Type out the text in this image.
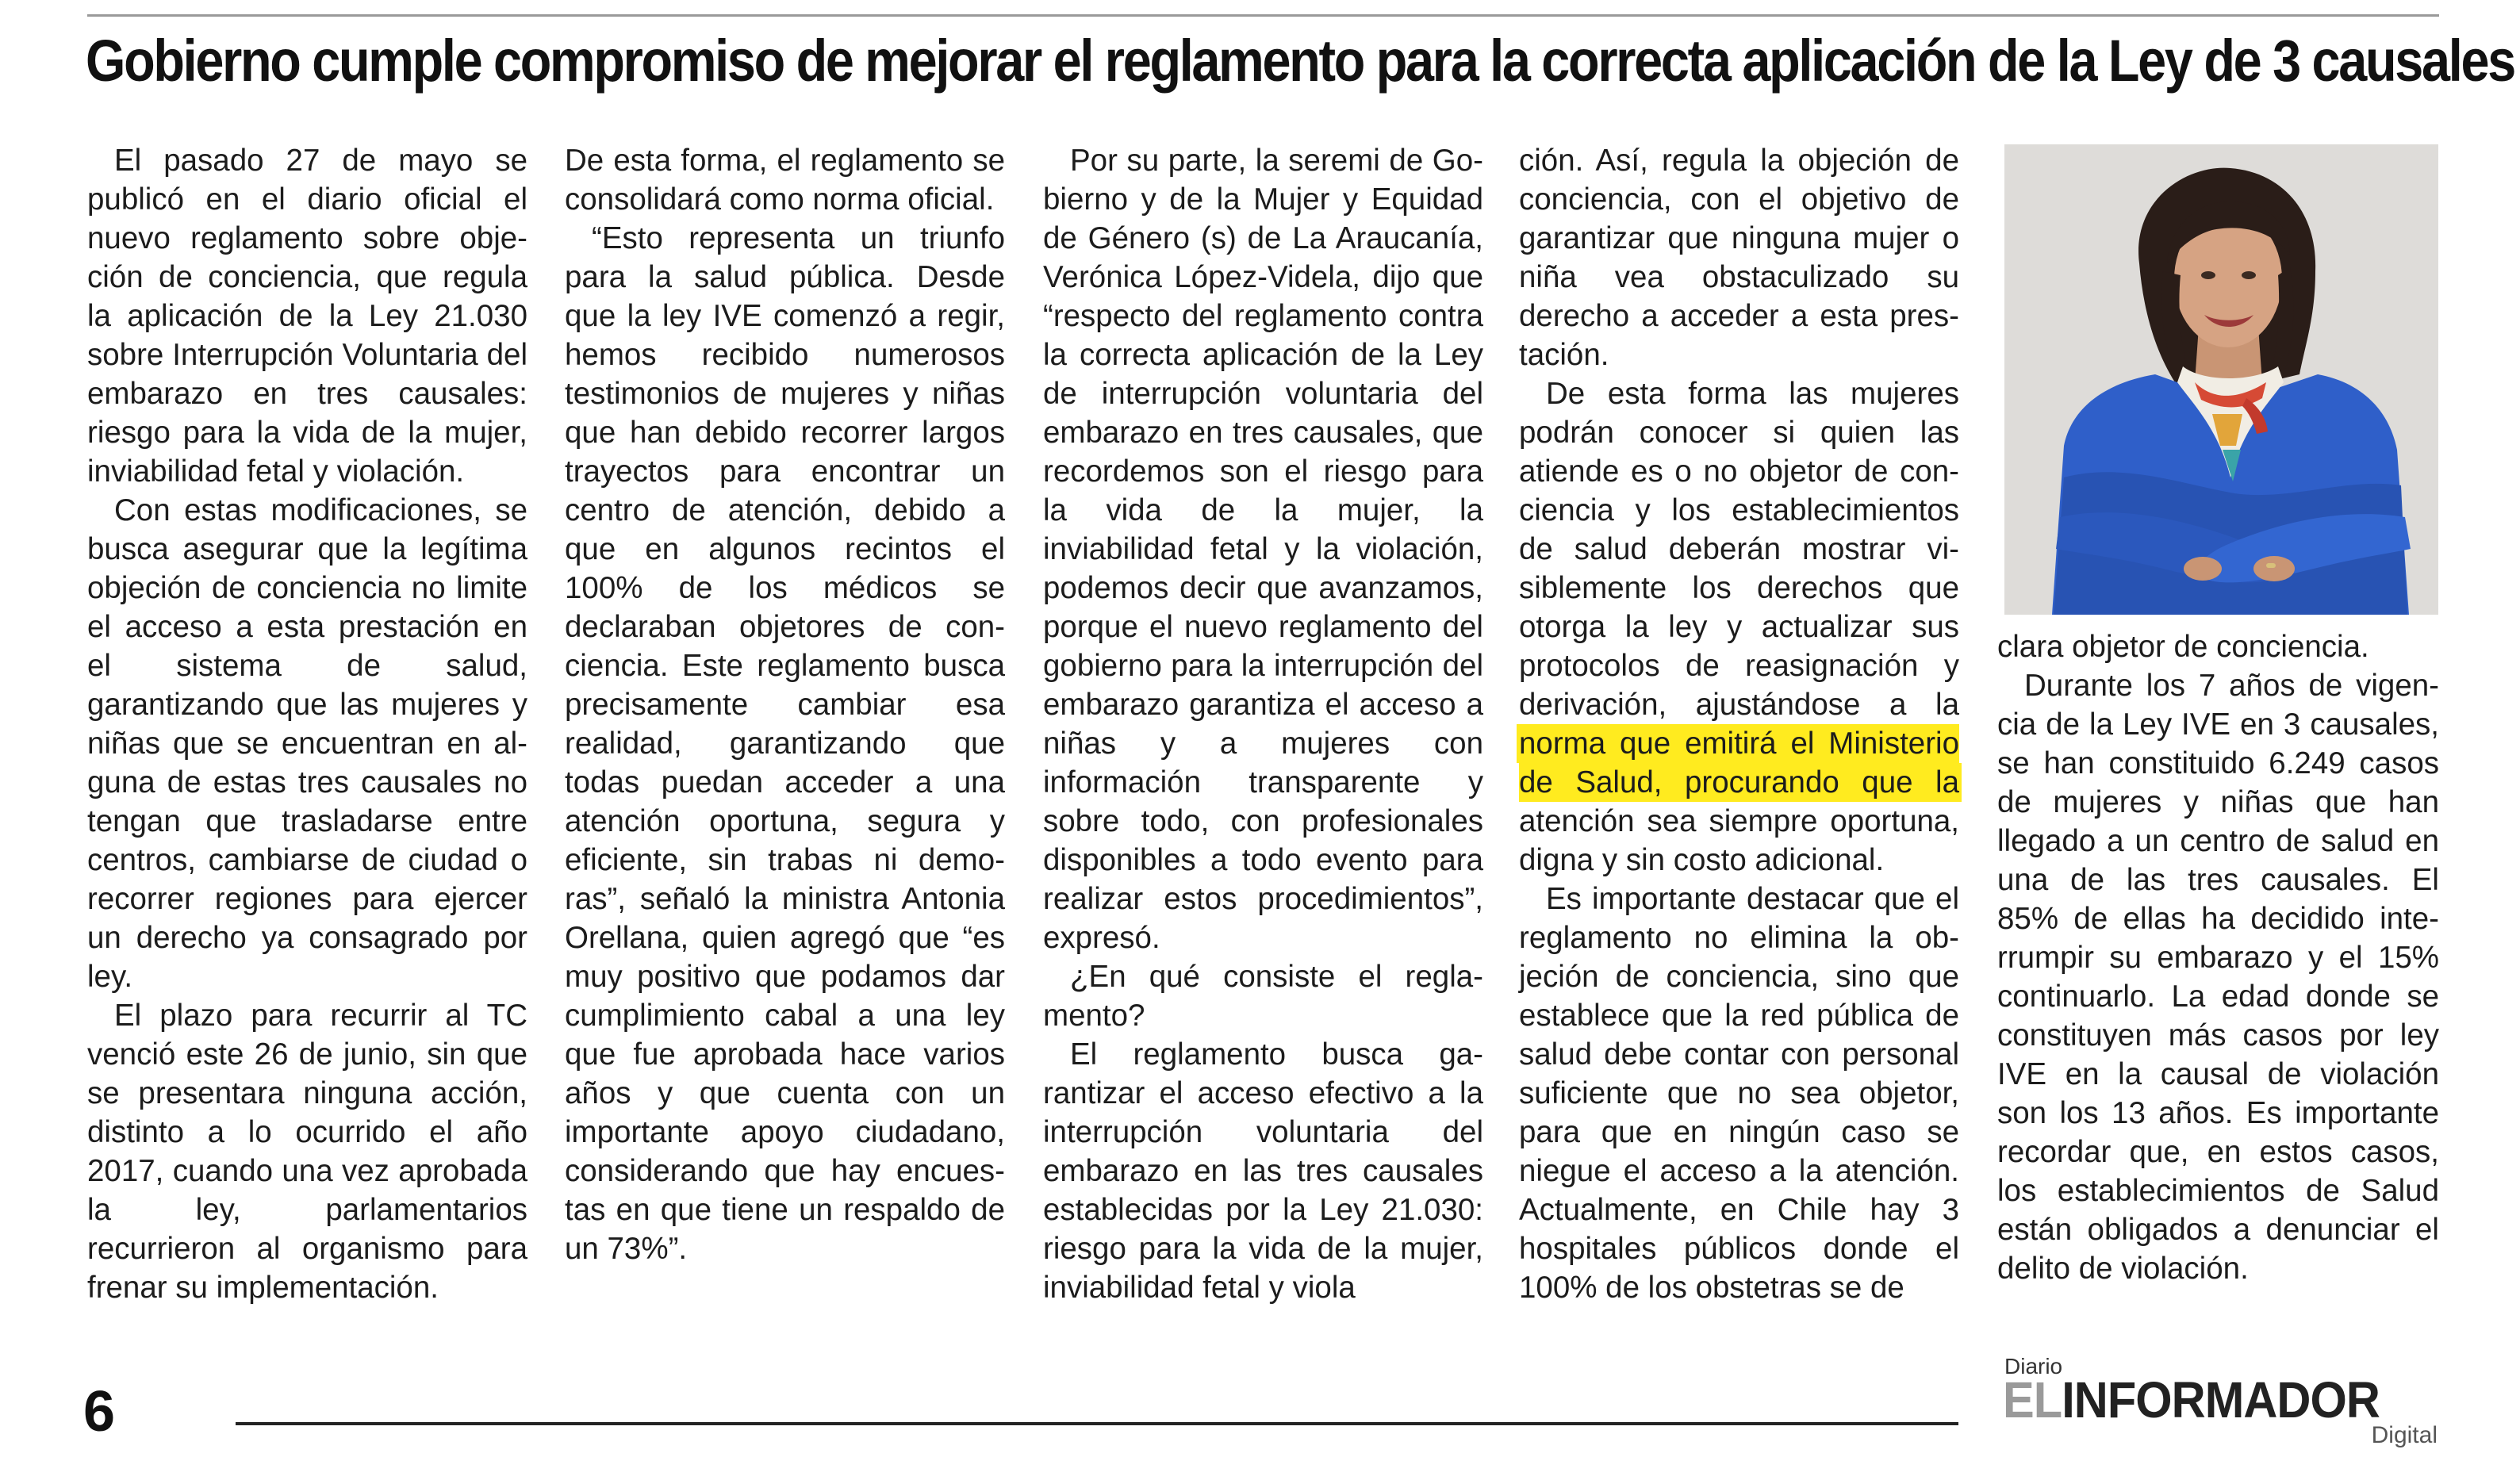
Gobierno cumple compromiso de mejorar el reglamento para la correcta aplicación de la Ley de 3 causales

El pasado 27 de mayo se publicó en el diario oficial el nuevo reglamento sobre objeción de conciencia, que regula la aplicación de la Ley 21.030 sobre Interrupción Voluntaria del embarazo en tres causales: riesgo para la vida de la mujer, inviabilidad fetal y violación.

Con estas modificaciones, se busca asegurar que la legítima objeción de conciencia no limite el acceso a esta prestación en el sistema de salud, garantizando que las mujeres y niñas que se encuentran en alguna de estas tres causales no tengan que trasladarse entre centros, cambiarse de ciudad o recorrer regiones para ejercer un derecho ya consagrado por ley.

El plazo para recurrir al TC venció este 26 de junio, sin que se presentara ninguna acción, distinto a lo ocurrido el año 2017, cuando una vez aprobada la ley, parlamentarios recurrieron al organismo para frenar su implementación.

De esta forma, el reglamento se consolidará como norma oficial.

“Esto representa un triunfo para la salud pública. Desde que la ley IVE comenzó a regir, hemos recibido numerosos testimonios de mujeres y niñas que han debido recorrer largos trayectos para encontrar un centro de atención, debido a que en algunos recintos el 100% de los médicos se declaraban objetores de conciencia. Este reglamento busca precisamente cambiar esa realidad, garantizando que todas puedan acceder a una atención oportuna, segura y eficiente, sin trabas ni demoras”, señaló la ministra Antonia Orellana, quien agregó que “es muy positivo que podamos dar cumplimiento cabal a una ley que fue aprobada hace varios años y que cuenta con un importante apoyo ciudadano, considerando que hay encuestas en que tiene un respaldo de un 73%”.

Por su parte, la seremi de Gobierno y de la Mujer y Equidad de Género (s) de La Araucanía, Verónica López-Videla, dijo que “respecto del reglamento contra la correcta aplicación de la Ley de interrupción voluntaria del embarazo en tres causales, que recordemos son el riesgo para la vida de la mujer, la inviabilidad fetal y la violación, podemos decir que avanzamos, porque el nuevo reglamento del gobierno para la interrupción del embarazo garantiza el acceso a niñas y a mujeres con información transparente y sobre todo, con profesionales disponibles a todo evento para realizar estos procedimientos”, expresó.

¿En qué consiste el reglamento?

El reglamento busca garantizar el acceso efectivo a la interrupción voluntaria del embarazo en las tres causales establecidas por la Ley 21.030: riesgo para la vida de la mujer, inviabilidad fetal y viola

ción. Así, regula la objeción de conciencia, con el objetivo de garantizar que ninguna mujer o niña vea obstaculizado su derecho a acceder a esta prestación.

De esta forma las mujeres podrán conocer si quien las atiende es o no objetor de conciencia y los establecimientos de salud deberán mostrar visiblemente los derechos que otorga la ley y actualizar sus protocolos de reasignación y derivación, ajustándose a la norma que emitirá el Ministerio de Salud, procurando que la atención sea siempre oportuna, digna y sin costo adicional.

Es importante destacar que el reglamento no elimina la objeción de conciencia, sino que establece que la red pública de salud debe contar con personal suficiente que no sea objetor, para que en ningún caso se niegue el acceso a la atención. Actualmente, en Chile hay 3 hospitales públicos donde el 100% de los obstetras se de

clara objetor de conciencia.

Durante los 7 años de vigencia de la Ley IVE en 3 causales, se han constituido 6.249 casos de mujeres y niñas que han llegado a un centro de salud en una de las tres causales. El 85% de ellas ha decidido interrumpir su embarazo y el 15% continuarlo. La edad donde se constituyen más casos por ley IVE en la causal de violación son los 13 años. Es importante recordar que, en estos casos, los establecimientos de Salud están obligados a denunciar el delito de violación.

6
Diario
ELINFORMADOR
Digital
